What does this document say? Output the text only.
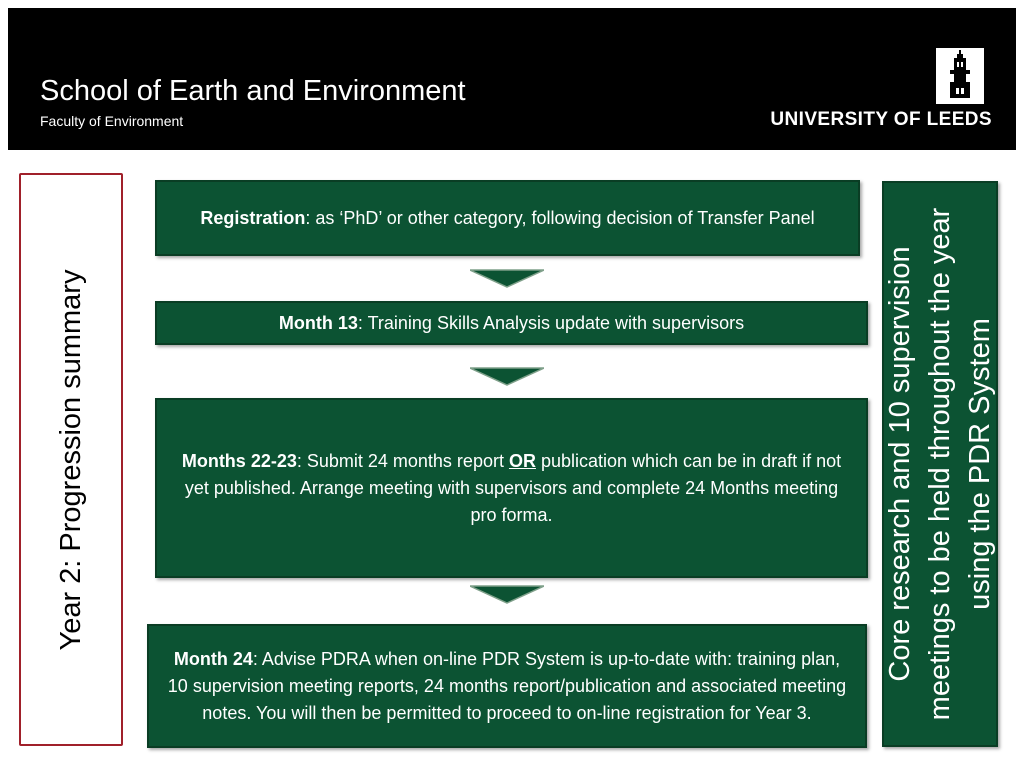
School of Earth and Environment
Faculty of Environment	UNIVERSITY OF LEEDS
Year 2: Progression summary
Registration: as ‘PhD’ or other category, following decision of Transfer Panel
Month 13: Training Skills Analysis update with supervisors
Months 22-23: Submit 24 months report OR publication which can be in draft if not yet published. Arrange meeting with supervisors and complete 24 Months meeting pro forma.
Month 24: Advise PDRA when on-line PDR System is up-to-date with: training plan, 10 supervision meeting reports, 24 months report/publication and associated meeting notes. You will then be permitted to proceed to on-line registration for Year 3.
Core research and 10 supervision meetings to be held throughout the year using the PDR System
